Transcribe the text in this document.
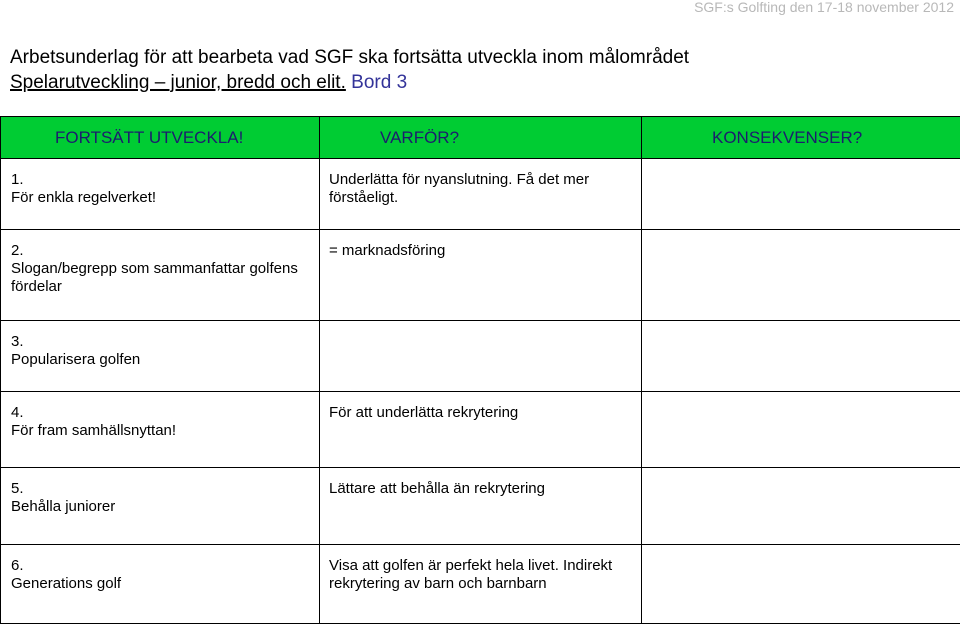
SGF:s Golfting den 17-18 november 2012
Arbetsunderlag för att bearbeta vad SGF ska fortsätta utveckla inom målområdet
Spelarutveckling – junior, bredd och elit. Bord 3
FORTSÄTT UTVECKLA!	VARFÖR?	KONSEKVENSER?

1.
För enkla regelverket!	Underlätta för nyanslutning. Få det mer förståeligt.	

2.
Slogan/begrepp som sammanfattar golfens fördelar	= marknadsföring	

3.
Popularisera golfen		

4.
För fram samhällsnyttan!	För att underlätta rekrytering	

5.
Behålla juniorer	Lättare att behålla än rekrytering	

6.
Generations golf	Visa att golfen är perfekt hela livet. Indirekt rekrytering av barn och barnbarn	
